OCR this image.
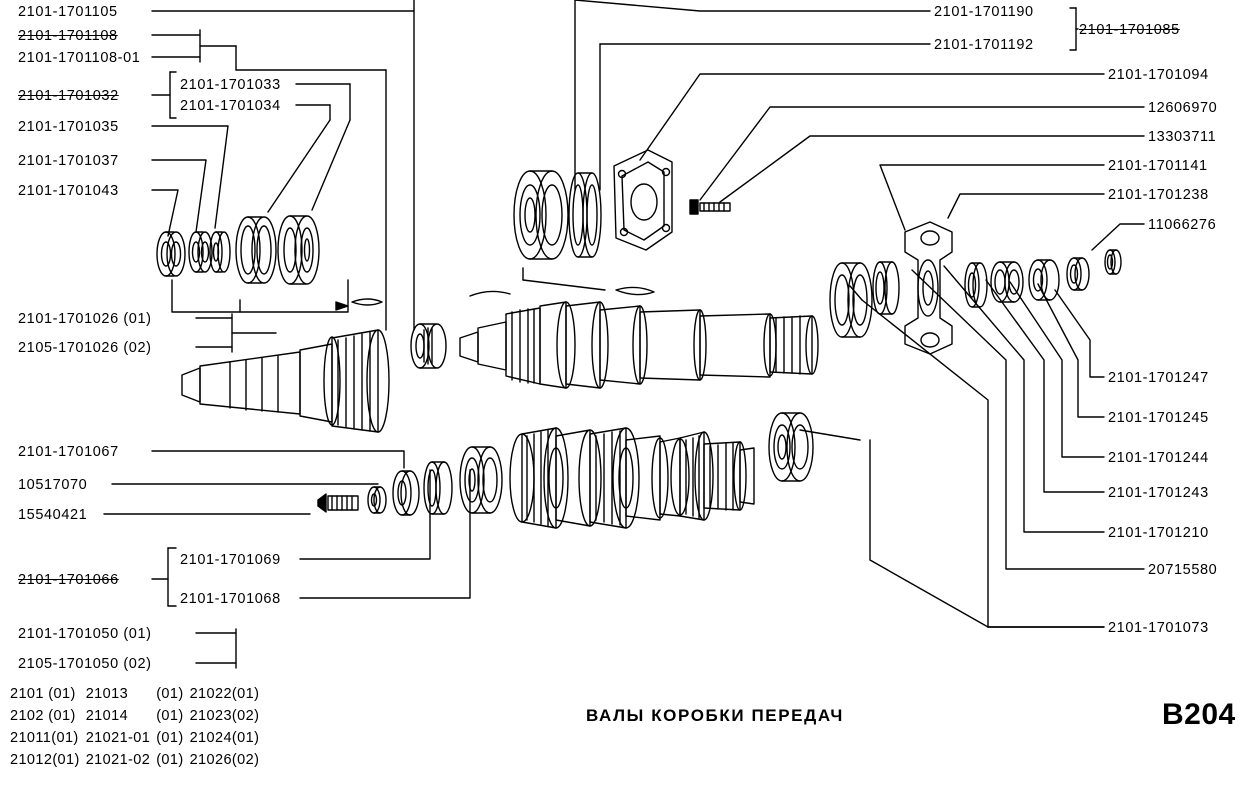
2101-1701105
2101-1701108
2101-1701108-01
2101-1701033
2101-1701034
2101-1701032
2101-1701035
2101-1701037
2101-1701043
2101-1701026 (01)
2105-1701026 (02)
2101-1701067
10517070
15540421
2101-1701069
2101-1701068
2101-1701066
2101-1701050 (01)
2105-1701050 (02)
2101-1701190
2101-1701192
2101-1701085
2101-1701094
12606970
13303711
2101-1701141
2101-1701238
11066276
2101-1701247
2101-1701245
2101-1701244
2101-1701243
2101-1701210
20715580
2101-1701073
ВАЛЫ КОРОБКИ ПЕРЕДАЧ	B204
2101 (01)	21013	(01)	21022(01)
2102 (01)	21014	(01)	21023(02)
21011(01)	21021-01	(01)	21024(01)
21012(01)	21021-02	(01)	21026(02)
